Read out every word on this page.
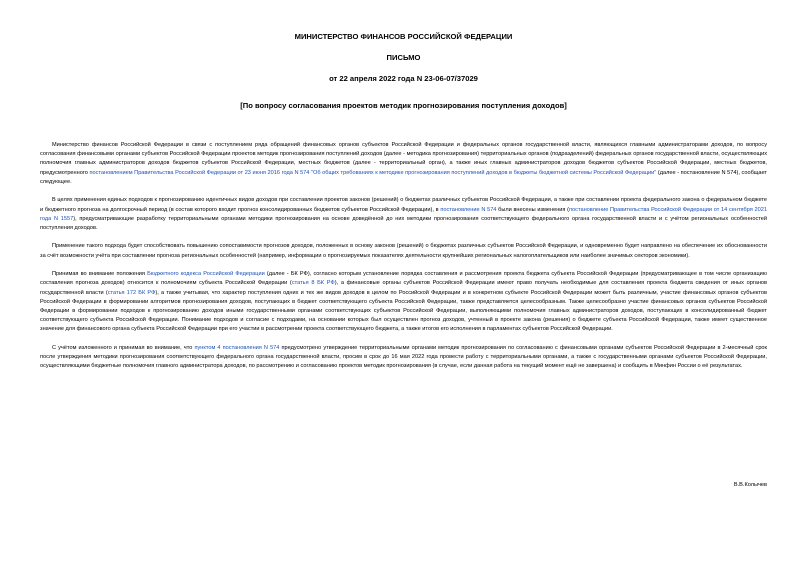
МИНИСТЕРСТВО ФИНАНСОВ РОССИЙСКОЙ ФЕДЕРАЦИИ
ПИСЬМО
от 22 апреля 2022 года N 23-06-07/37029
[По вопросу согласования проектов методик прогнозирования поступления доходов]

Министерство финансов Российской Федерации в связи с поступлением ряда обращений финансовых органов субъектов Российской Федерации и федеральных органов государственной власти, являющихся главными администраторами доходов, по вопросу согласования финансовыми органами субъектов Российской Федерации проектов методик прогнозирования поступлений доходов (далее - методика прогнозирования) территориальных органов (подразделений) федеральных органов государственной власти, осуществляющих полномочия главных администраторов доходов бюджетов субъектов Российской Федерации, местных бюджетов (далее - территориальный орган), а также иных главных администраторов доходов бюджетов субъектов Российской Федерации, местных бюджетов, предусмотренного постановлением Правительства Российской Федерации от 23 июня 2016 года N 574 "Об общих требованиях к методике прогнозирования поступлений доходов в бюджеты бюджетной системы Российской Федерации" (далее - постановление N 574), сообщает следующее.

В целях применения единых подходов к прогнозированию идентичных видов доходов при составлении проектов законов (решений) о бюджетах различных субъектов Российской Федерации, а также при составлении проекта федерального закона о федеральном бюджете и бюджетного прогноза на долгосрочный период (в состав которого входит прогноз консолидированных бюджетов субъектов Российской Федерации), в постановление N 574 были внесены изменения (постановление Правительства Российской Федерации от 14 сентября 2021 года N 1557), предусматривающие разработку территориальными органами методики прогнозирования на основе доведённой до них методики прогнозирования соответствующего федерального органа государственной власти и с учётом региональных особенностей поступления доходов.

Применение такого подхода будет способствовать повышению сопоставимости прогнозов доходов, положенных в основу законов (решений) о бюджетах различных субъектов Российской Федерации, и одновременно будет направлено на обеспечение их обоснованности за счёт возможности учёта при составлении прогноза региональных особенностей (например, информации о прогнозируемых показателях деятельности крупнейших региональных налогоплательщиков или наиболее значимых секторов экономики).

Принимая во внимание положения Бюджетного кодекса Российской Федерации (далее - БК РФ), согласно которым установление порядка составления и рассмотрения проекта бюджета субъекта Российской Федерации (предусматривающее в том числе организацию составления прогноза доходов) относится к полномочиям субъекта Российской Федерации (статья 8 БК РФ), а финансовые органы субъектов Российской Федерации имеют право получать необходимые для составления проекта бюджета сведения от иных органов государственной власти (статья 172 БК РФ), а также учитывая, что характер поступления одних и тех же видов доходов в целом по Российской Федерации и в конкретном субъекте Российской Федерации может быть различным, участие финансовых органов субъектов Российской Федерации в формировании алгоритмов прогнозирования доходов, поступающих в бюджет соответствующего субъекта Российской Федерации, также представляется целесообразным. Также целесообразно участие финансовых органов субъектов Российской Федерации в формировании подходов к прогнозированию доходов иными государственными органами соответствующих субъектов Российской Федерации, выполняющими полномочия главных администраторов доходов, поступающих в консолидированный бюджет соответствующего субъекта Российской Федерации. Понимание подходов и согласие с подходами, на основании которых был осуществлен прогноз доходов, учтенный в проекте закона (решения) о бюджете субъекта Российской Федерации, также имеет существенное значение для финансового органа субъекта Российской Федерации при его участии в рассмотрении проекта соответствующего бюджета, а также итогов его исполнения в парламентах субъектов Российской Федерации.

С учётом изложенного и принимая во внимание, что пунктом 4 постановления N 574 предусмотрено утверждение территориальными органами методик прогнозирования по согласованию с финансовыми органами субъектов Российской Федерации в 2-месячный срок после утверждения методики прогнозирования соответствующего федерального органа государственной власти, просим в срок до 16 мая 2022 года провести работу с территориальными органами, а также с государственными органами субъектов Российской Федерации, осуществляющими бюджетные полномочия главного администратора доходов, по рассмотрению и согласованию проектов методик прогнозирования (в случае, если данная работа на текущий момент ещё не завершена) и сообщить в Минфин России о её результатах.

В.В.Колычев
